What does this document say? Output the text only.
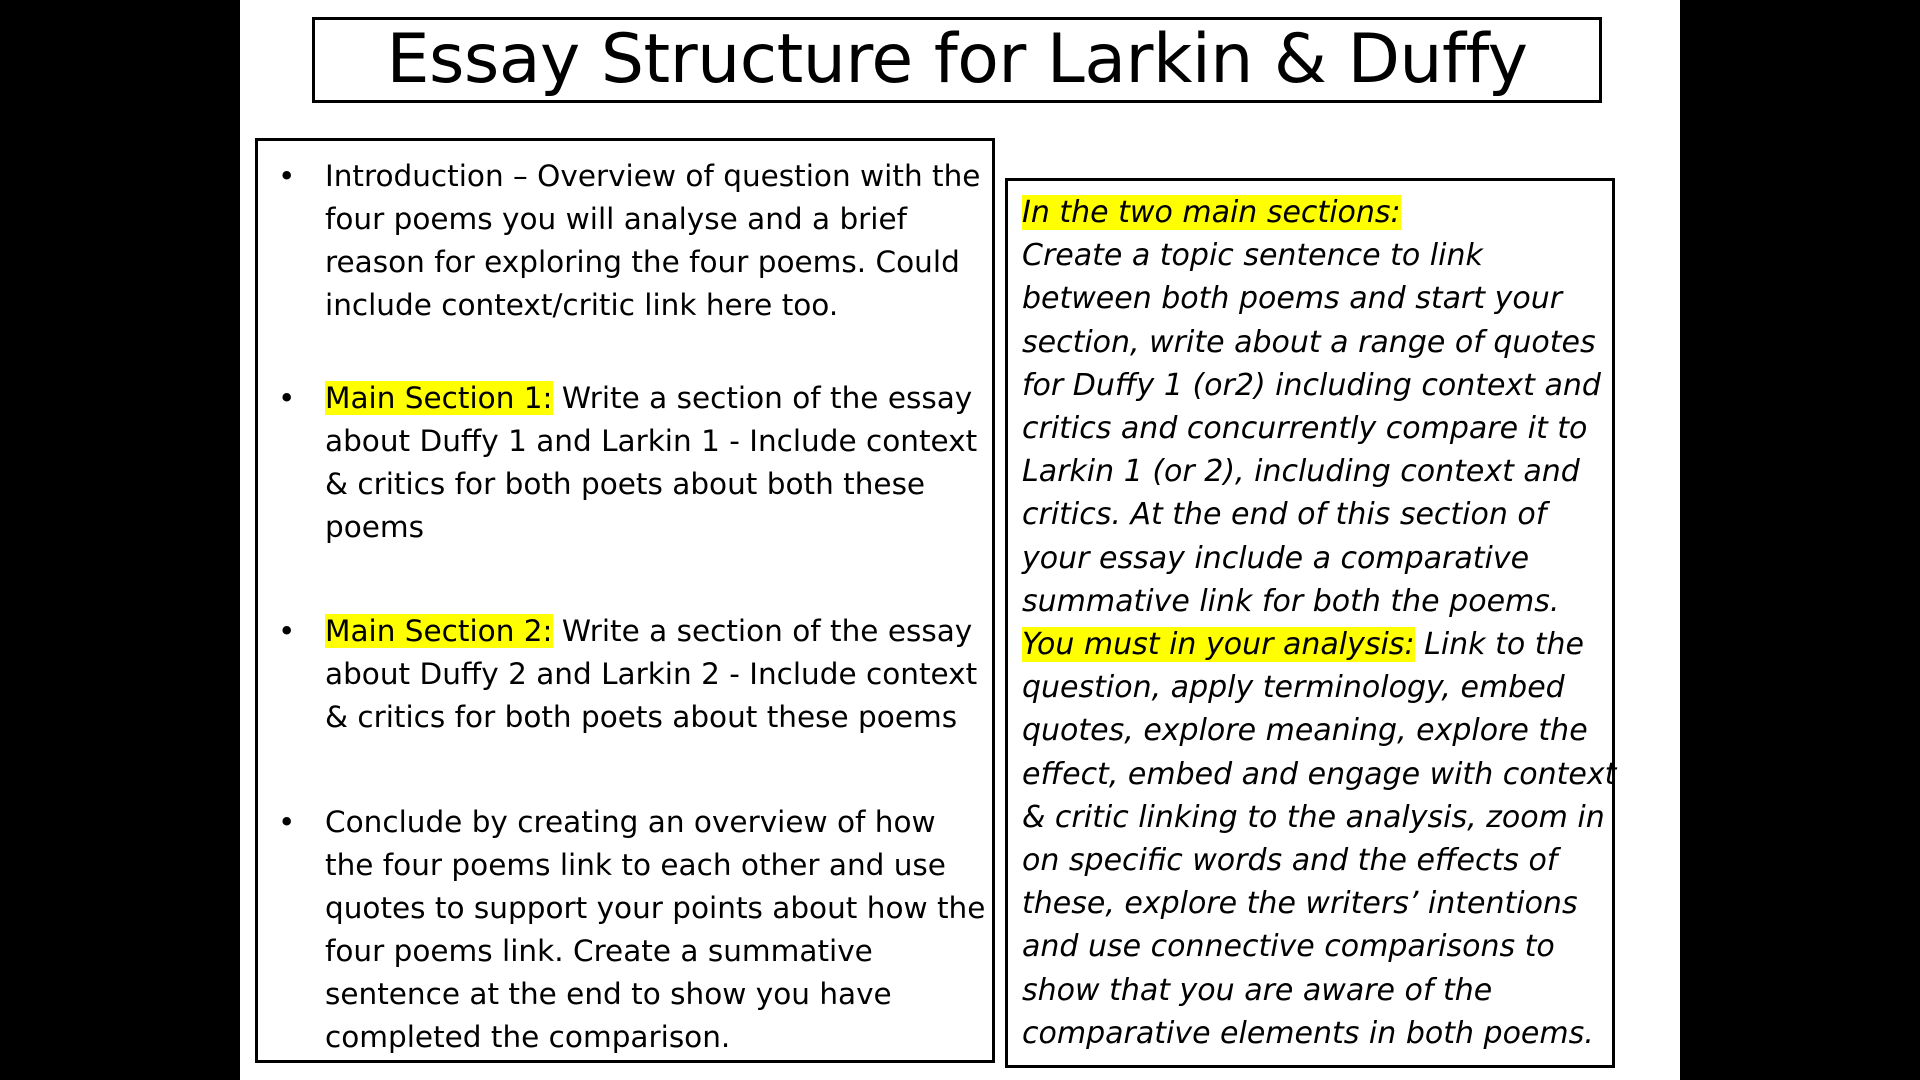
Essay Structure for Larkin & Duffy
• Introduction – Overview of question with the four poems you will analyse and a brief reason for exploring the four poems. Could include context/critic link here too.
• Main Section 1: Write a section of the essay about Duffy 1 and Larkin 1 - Include context & critics for both poets about both these poems
• Main Section 2: Write a section of the essay about Duffy 2 and Larkin 2 - Include context & critics for both poets about these poems
• Conclude by creating an overview of how the four poems link to each other and use quotes to support your points about how the four poems link. Create a summative sentence at the end to show you have completed the comparison.
In the two main sections:
Create a topic sentence to link between both poems and start your section, write about a range of quotes for Duffy 1 (or2) including context and critics and concurrently compare it to Larkin 1 (or 2), including context and critics. At the end of this section of your essay include a comparative summative link for both the poems.
You must in your analysis: Link to the question, apply terminology, embed quotes, explore meaning, explore the effect, embed and engage with context & critic linking to the analysis, zoom in on specific words and the effects of these, explore the writers’ intentions and use connective comparisons to show that you are aware of the comparative elements in both poems.
